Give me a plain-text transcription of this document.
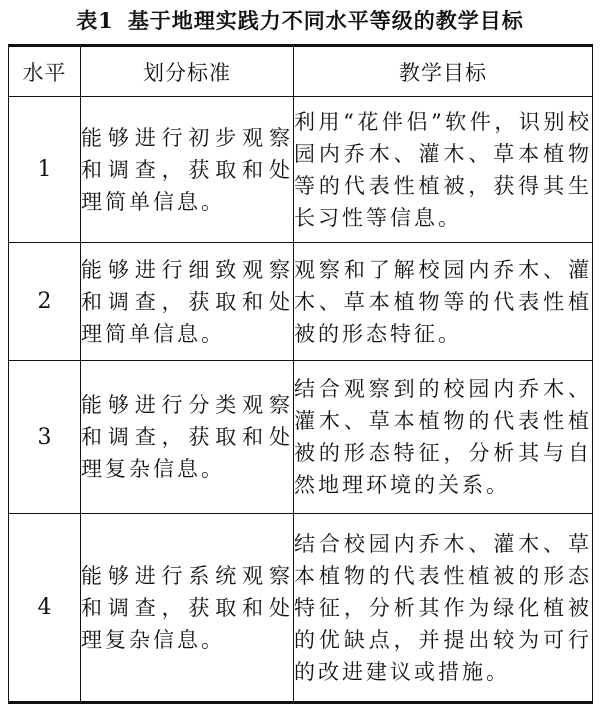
表1 基于地理实践力不同水平等级的教学目标
水平	划分标准	教学目标
1	能够进行初步观察和调查，获取和处理简单信息。	利用“花伴侣”软件，识别校园内乔木、灌木、草本植物等的代表性植被，获得其生长习性等信息。
2	能够进行细致观察和调查，获取和处理简单信息。	观察和了解校园内乔木、灌木、草本植物等的代表性植被的形态特征。
3	能够进行分类观察和调查，获取和处理复杂信息。	结合观察到的校园内乔木、灌木、草本植物的代表性植被的形态特征，分析其与自然地理环境的关系。
4	能够进行系统观察和调查，获取和处理复杂信息。	结合校园内乔木、灌木、草本植物的代表性植被的形态特征，分析其作为绿化植被的优缺点，并提出较为可行的改进建议或措施。
